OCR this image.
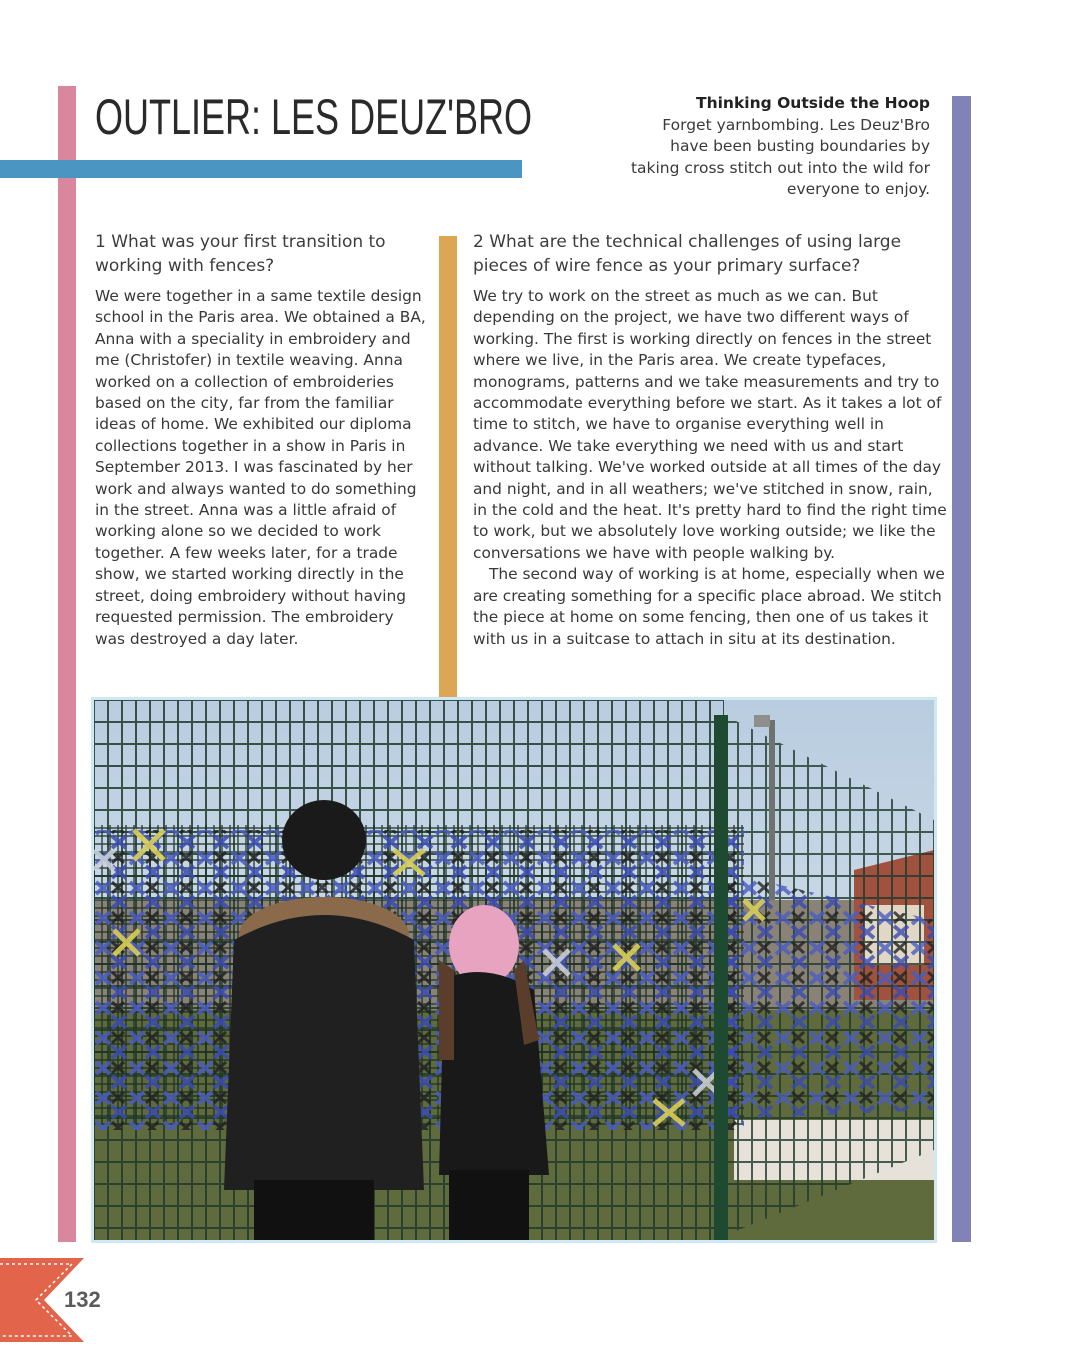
OUTLIER: LES DEUZ'BRO	Thinking Outside the Hoop
Forget yarnbombing. Les Deuz'Bro have been busting boundaries by taking cross stitch out into the wild for everyone to enjoy.
1 What was your first transition to working with fences?

We were together in a same textile design school in the Paris area. We obtained a BA, Anna with a speciality in embroidery and me (Christofer) in textile weaving. Anna worked on a collection of embroideries based on the city, far from the familiar ideas of home. We exhibited our diploma collections together in a show in Paris in September 2013. I was fascinated by her work and always wanted to do something in the street. Anna was a little afraid of working alone so we decided to work together. A few weeks later, for a trade show, we started working directly in the street, doing embroidery without having requested permission. The embroidery was destroyed a day later.

2 What are the technical challenges of using large pieces of wire fence as your primary surface?

We try to work on the street as much as we can. But depending on the project, we have two different ways of working. The first is working directly on fences in the street where we live, in the Paris area. We create typefaces, monograms, patterns and we take measurements and try to accommodate everything before we start. As it takes a lot of time to stitch, we have to organise everything well in advance. We take everything we need with us and start without talking. We've worked outside at all times of the day and night, and in all weathers; we've stitched in snow, rain, in the cold and the heat. It's pretty hard to find the right time to work, but we absolutely love working outside; we like the conversations we have with people walking by.

The second way of working is at home, especially when we are creating something for a specific place abroad. We stitch the piece at home on some fencing, then one of us takes it with us in a suitcase to attach in situ at its destination.

132
